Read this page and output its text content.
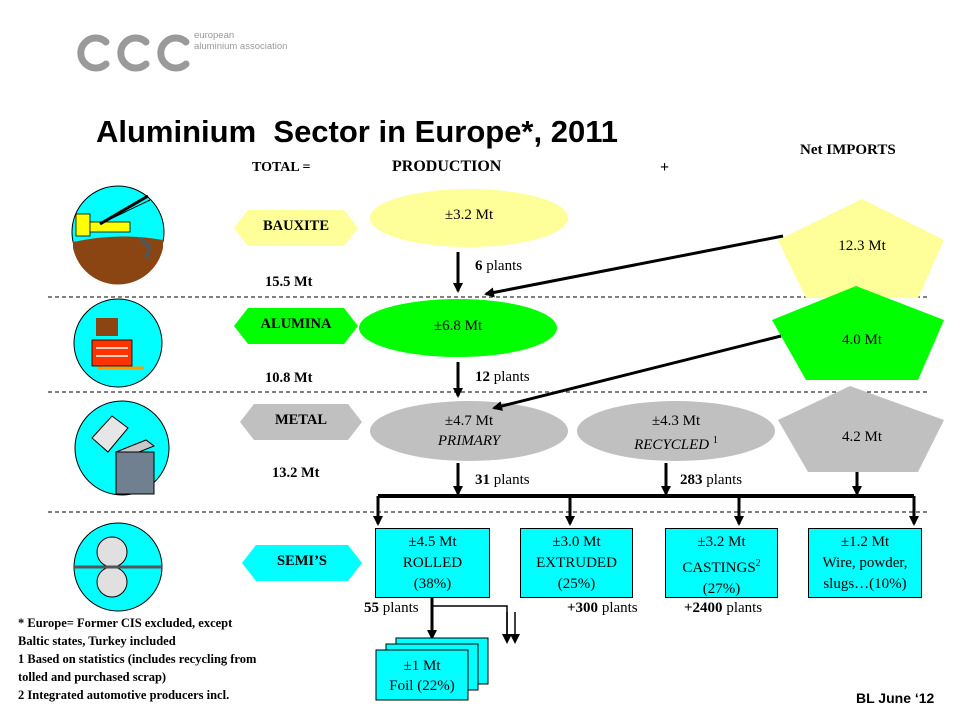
european
aluminium association
Aluminium  Sector in Europe*, 2011
TOTAL =	PRODUCTION	+
Net IMPORTS
BAUXITE
ALUMINA
METAL
SEMI’S
15.5 Mt
10.8 Mt
13.2 Mt
±3.2 Mt
±6.8 Mt
±4.7 Mt
PRIMARY
±4.3 Mt
RECYCLED $^1$
12.3 Mt
4.0 Mt
4.2 Mt
6 plants
12 plants
31 plants	283 plants
±4.5 Mt
ROLLED
(38%)
±3.0 Mt
EXTRUDED
(25%)
±3.2 Mt
CASTINGS$^2$
(27%)
±1.2 Mt
Wire, powder,
slugs…(10%)
55 plants	+300 plants	+2400 plants
±1 Mt
Foil (22%)
* Europe= Former CIS excluded, except
Baltic states, Turkey included
1 Based on statistics (includes recycling from
tolled and purchased scrap)
2 Integrated automotive producers incl.	BL June ‘12
